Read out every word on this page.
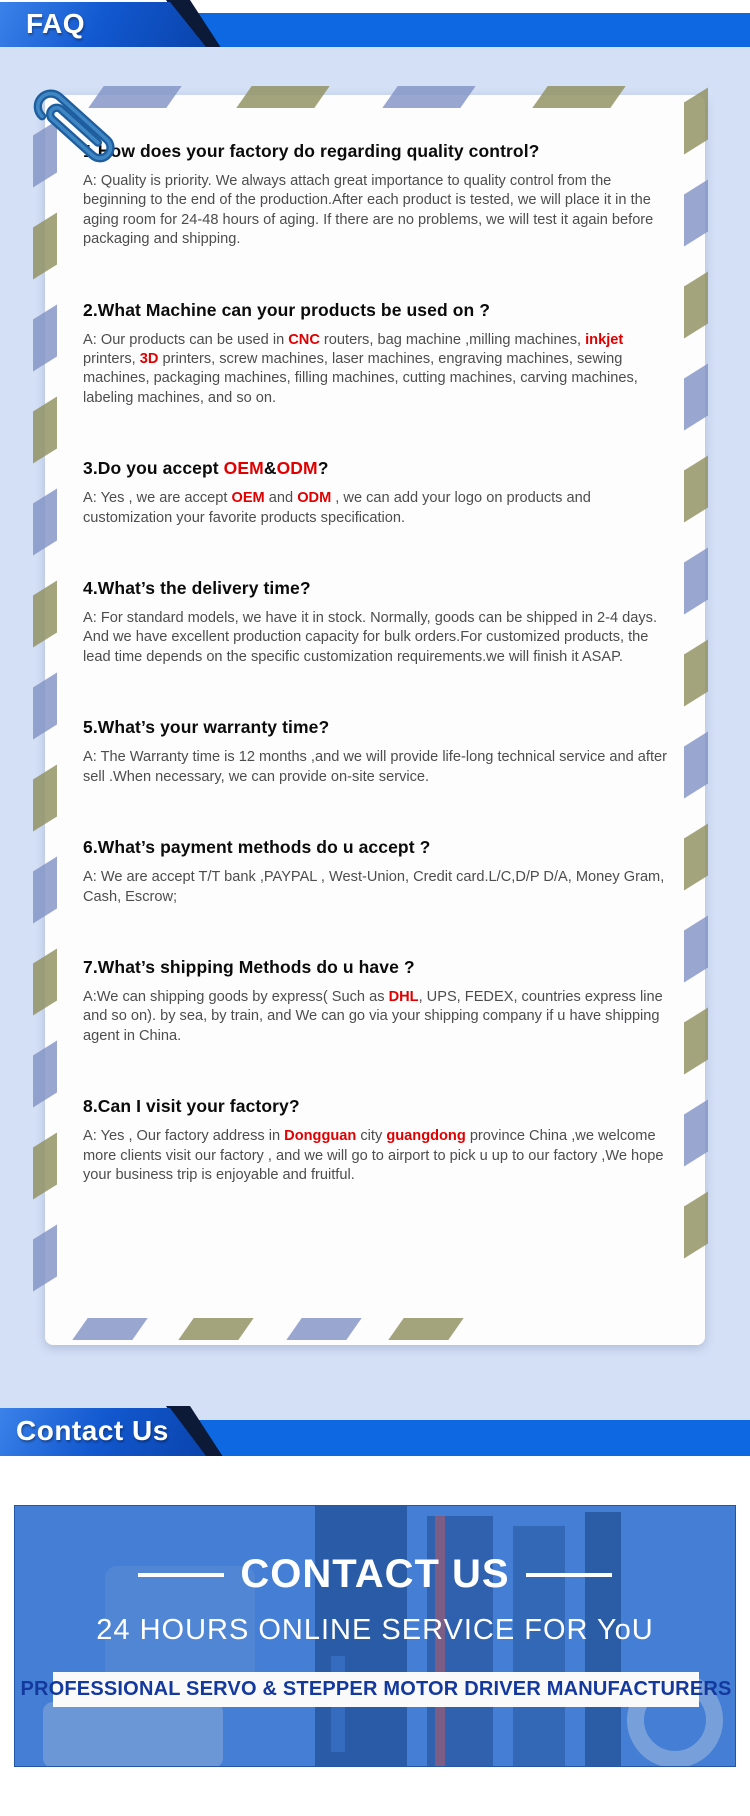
FAQ
1.How does your factory do regarding quality control?

A: Quality is priority. We always attach great importance to quality control from the beginning to the end of the production.After each product is tested, we will place it in the aging room for 24-48 hours of aging. If there are no problems, we will test it again before packaging and shipping.

2.What Machine can your products be used on ?

A: Our products can be used in CNC routers, bag machine ,milling machines, inkjet printers, 3D printers, screw machines, laser machines, engraving machines, sewing machines, packaging machines, filling machines, cutting machines, carving machines, labeling machines, and so on.

3.Do you accept OEM&ODM?

A: Yes , we are accept OEM and ODM , we can add your logo on products and customization your favorite products specification.

4.What’s the delivery time?

A: For standard models, we have it in stock. Normally, goods can be shipped in 2-4 days. And we have excellent production capacity for bulk orders.For customized products, the lead time depends on the specific customization requirements.we will finish it ASAP.

5.What’s your warranty time?

A: The Warranty time is 12 months ,and we will provide life-long technical service and after sell .When necessary, we can provide on-site service.

6.What’s payment methods do u accept ?

A: We are accept T/T bank ,PAYPAL , West-Union, Credit card.L/C,D/P D/A, Money Gram, Cash, Escrow;

7.What’s shipping Methods do u have ?

A:We can shipping goods by express( Such as DHL, UPS, FEDEX, countries express line and so on). by sea, by train, and We can go via your shipping company if u have shipping agent in China.

8.Can I visit your factory?

A: Yes , Our factory address in Dongguan city guangdong province China ,we welcome more clients visit our factory , and we will go to airport to pick u up to our factory ,We hope your business trip is enjoyable and fruitful.

Contact Us
CONTACT US
24 HOURS ONLINE SERVICE FOR YoU
PROFESSIONAL SERVO & STEPPER MOTOR DRIVER MANUFACTURERS
